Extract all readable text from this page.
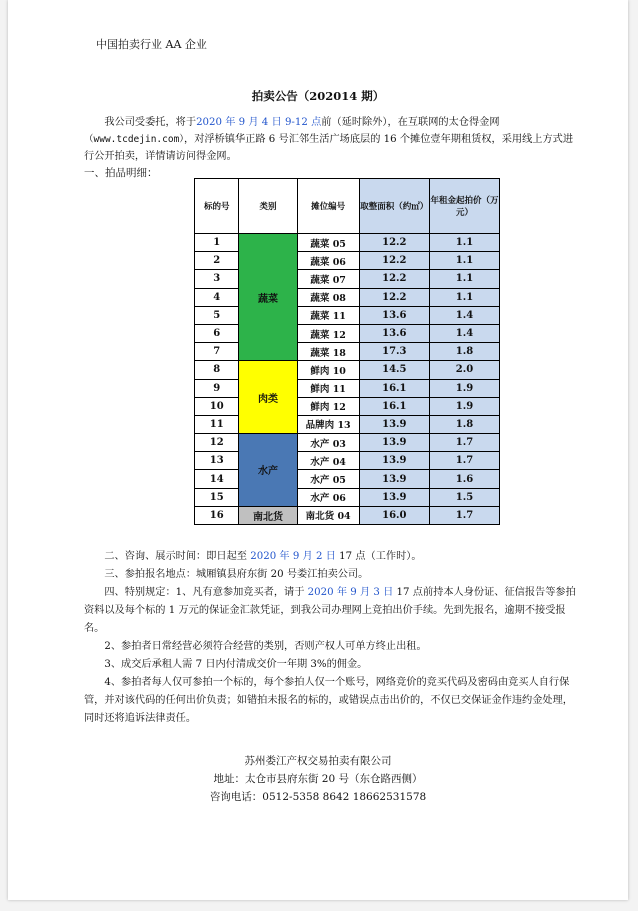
中国拍卖行业 AA 企业
拍卖公告（202014 期）
　　我公司受委托，将于2020 年 9 月 4 日 9-12 点前（延时除外），在互联网的太仓得金网（www.tcdejin.com），对浮桥镇华正路 6 号汇邻生活广场底层的 16 个摊位壹年期租赁权，采用线上方式进行公开拍卖，详情请访问得金网。
一、拍品明细：
标的号	类别	摊位编号	取整面积（约㎡）	年租金起拍价（万元）
1	蔬菜	蔬菜 05	12.2	1.1
2		蔬菜 06	12.2	1.1
3		蔬菜 07	12.2	1.1
4		蔬菜 08	12.2	1.1
5		蔬菜 11	13.6	1.4
6		蔬菜 12	13.6	1.4
7		蔬菜 18	17.3	1.8
8	肉类	鲜肉 10	14.5	2.0
9		鲜肉 11	16.1	1.9
10		鲜肉 12	16.1	1.9
11		品牌肉 13	13.9	1.8
12	水产	水产 03	13.9	1.7
13		水产 04	13.9	1.7
14		水产 05	13.9	1.6
15		水产 06	13.9	1.5
16	南北货	南北货 04	16.0	1.7
　　二、咨询、展示时间：即日起至 2020 年 9 月 2 日 17 点（工作时）。
　　三、参拍报名地点：城厢镇县府东街 20 号娄江拍卖公司。
　　四、特别规定：1、凡有意参加竞买者，请于 2020 年 9 月 3 日 17 点前持本人身份证、征信报告等参拍资料以及每个标的 1 万元的保证金汇款凭证，到我公司办理网上竞拍出价手续。先到先报名，逾期不接受报名。
　　2、参拍者日常经营必须符合经营的类别，否则产权人可单方终止出租。
　　3、成交后承租人需 7 日内付清成交价一年期 3%的佣金。
　　4、参拍者每人仅可参拍一个标的，每个参拍人仅一个账号，网络竞价的竞买代码及密码由竞买人自行保管，并对该代码的任何出价负责；如错拍未报名的标的，或错误点击出价的，不仅已交保证金作违约金处理，同时还将追诉法律责任。
苏州娄江产权交易拍卖有限公司
地址：太仓市县府东街 20 号（东仓路西侧）
咨询电话：0512-5358 8642 18662531578
